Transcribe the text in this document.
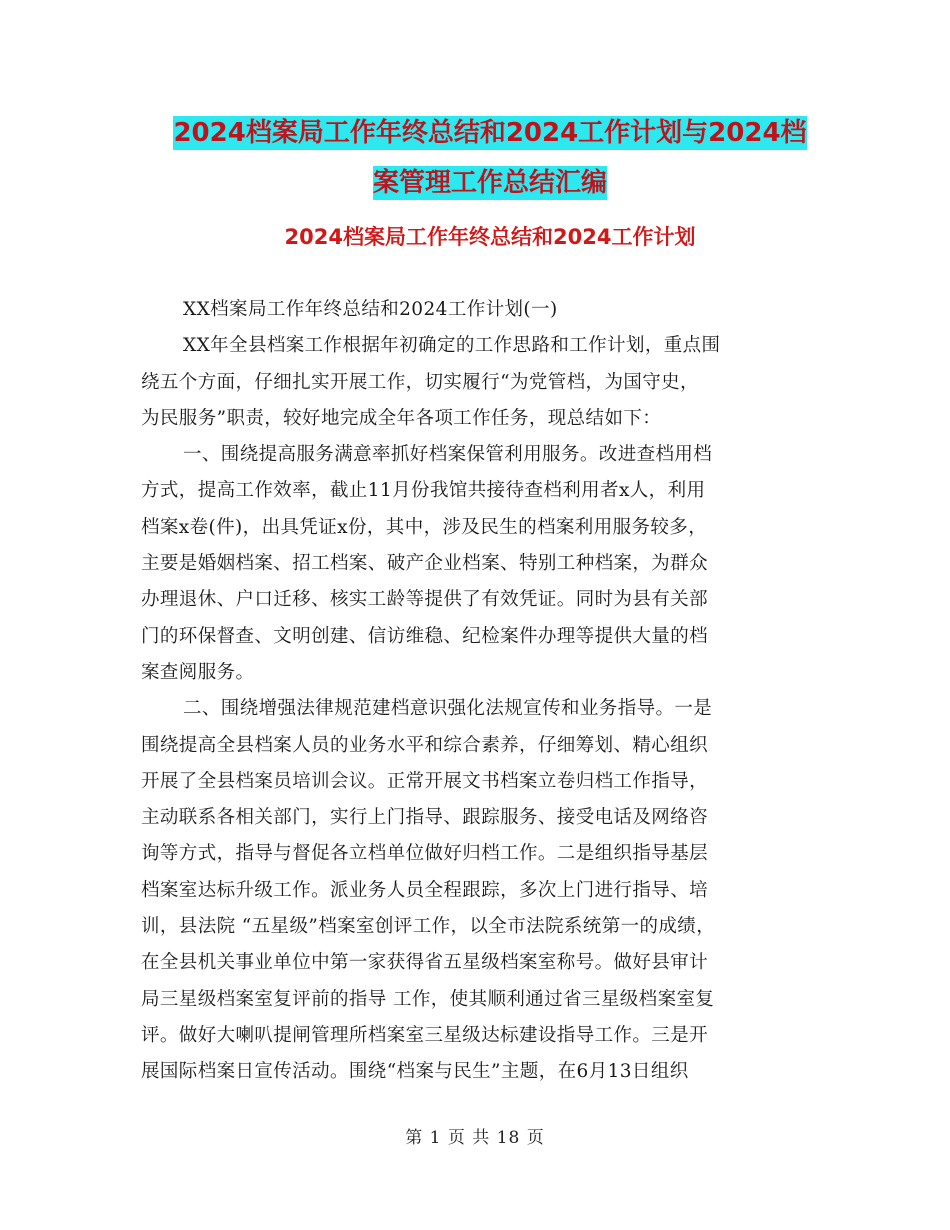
2024档案局工作年终总结和2024工作计划与2024档
案管理工作总结汇编
2024档案局工作年终总结和2024工作计划
XX档案局工作年终总结和2024工作计划(一)
XX年全县档案工作根据年初确定的工作思路和工作计划，重点围
绕五个方面，仔细扎实开展工作，切实履行“为党管档，为国守史，
为民服务”职责，较好地完成全年各项工作任务，现总结如下：
一、围绕提高服务满意率抓好档案保管利用服务。改进查档用档
方式，提高工作效率，截止11月份我馆共接待查档利用者x人，利用
档案x卷(件)，出具凭证x份，其中，涉及民生的档案利用服务较多，
主要是婚姻档案、招工档案、破产企业档案、特别工种档案，为群众
办理退休、户口迁移、核实工龄等提供了有效凭证。同时为县有关部
门的环保督查、文明创建、信访维稳、纪检案件办理等提供大量的档
案查阅服务。
二、围绕增强法律规范建档意识强化法规宣传和业务指导。一是
围绕提高全县档案人员的业务水平和综合素养，仔细筹划、精心组织
开展了全县档案员培训会议。正常开展文书档案立卷归档工作指导，
主动联系各相关部门，实行上门指导、跟踪服务、接受电话及网络咨
询等方式，指导与督促各立档单位做好归档工作。二是组织指导基层
档案室达标升级工作。派业务人员全程跟踪，多次上门进行指导、培
训，县法院 “五星级”档案室创评工作，以全市法院系统第一的成绩，
在全县机关事业单位中第一家获得省五星级档案室称号。做好县审计
局三星级档案室复评前的指导 工作，使其顺利通过省三星级档案室复
评。做好大喇叭提闸管理所档案室三星级达标建设指导工作。三是开
展国际档案日宣传活动。围绕“档案与民生”主题，在6月13日组织
第 1 页 共 18 页
